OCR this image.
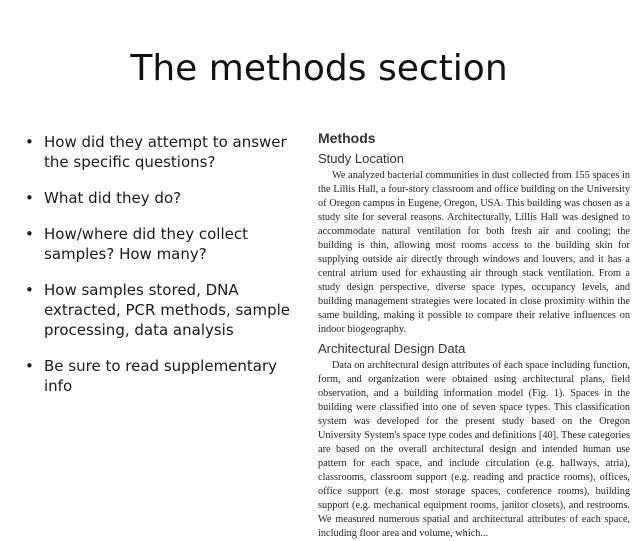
The methods section
• How did they attempt to answer the specific questions?
• What did they do?
• How/where did they collect samples? How many?
• How samples stored, DNA extracted, PCR methods, sample processing, data analysis
• Be sure to read supplementary info
Methods
Study Location

We analyzed bacterial communities in dust collected from 155 spaces in the Lillis Hall, a four-story classroom and office building on the University of Oregon campus in Eugene, Oregon, USA. This building was chosen as a study site for several reasons. Architecturally, Lillis Hall was designed to accommodate natural ventilation for both fresh air and cooling; the building is thin, allowing most rooms access to the building skin for supplying outside air directly through windows and louvers, and it has a central atrium used for exhausting air through stack ventilation. From a study design perspective, diverse space types, occupancy levels, and building management strategies were located in close proximity within the same building, making it possible to compare their relative influences on indoor biogeography.

Architectural Design Data

Data on architectural design attributes of each space including function, form, and organization were obtained using architectural plans, field observation, and a building information model (Fig. 1). Spaces in the building were classified into one of seven space types. This classification system was developed for the present study based on the Oregon University System's space type codes and definitions [40]. These categories are based on the overall architectural design and intended human use pattern for each space, and include circulation (e.g. hallways, atria), classrooms, classroom support (e.g. reading and practice rooms), offices, office support (e.g. most storage spaces, conference rooms), building support (e.g. mechanical equipment rooms, janitor closets), and restrooms. We measured numerous spatial and architectural attributes of each space, including floor area and volume, which...
